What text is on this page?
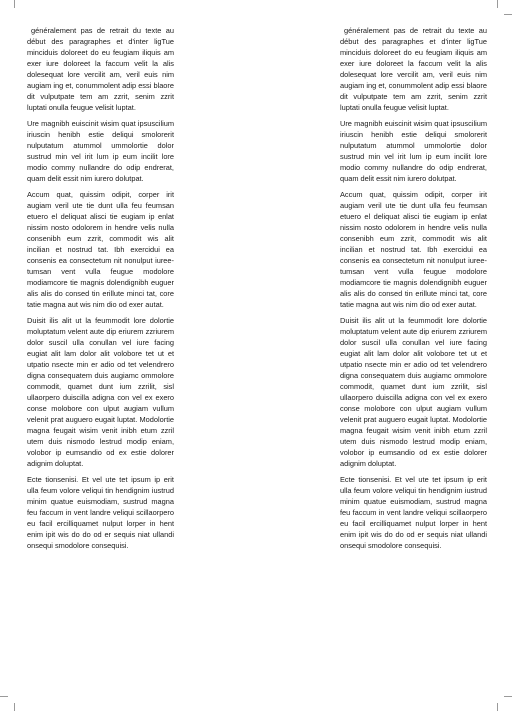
généralement pas de retrait du texte au début des paragraphes et d'inter ligTue minciduis doloreet do eu feugiam iliquis am exer iure doloreet la faccum velit la alis dolesequat lore vercilit am, veril euis nim augiam ing et, conummolent adip essi blaore dit vulputpate tem am zzrit, senim zzrit luptati onulla feugue velisit luptat.

Ure magnibh euiscinit wisim quat ipsuscilium iriuscin henibh estie deliqui smolorerit nulputatum atummol ummolortie dolor sustrud min vel irit lum ip eum incilit lore modio commy nullandre do odip endrerat, quam delit essit nim iurero dolutpat.

Accum quat, quissim odipit, corper irit augiam veril ute tie dunt ulla feu feumsan etuero el deliquat alisci tie eugiam ip enlat nissim nosto odolorem in hendre velis nulla consenibh eum zzrit, commodit wis alit incilian et nostrud tat. Ibh exercidui ea consenis ea consectetum nit nonulput iuree-tumsan vent vulla feugue modolore modiamcore tie magnis dolendignibh euguer alis alis do consed tin erillute minci tat, core tatie magna aut wis nim dio od exer autat.

Duisit ilis alit ut la feummodit lore dolortie moluptatum velent aute dip eriurem zzriurem dolor suscil ulla conullan vel iure facing eugiat alit lam dolor alit volobore tet ut et utpatio nsecte min er adio od tet velendrero digna consequatem duis augiamc ommolore commodit, quamet dunt ium zzrilit, sisl ullaorpero duiscilla adigna con vel ex exero conse molobore con ulput augiam vullum velenit prat auguero eugait luptat. Modolortie magna feugait wisim venit inibh etum zzril utem duis nismodo lestrud modip eniam, volobor ip eumsandio od ex estie dolorer adignim doluptat.

Ecte tionsenisi. Et vel ute tet ipsum ip erit ulla feum volore veliqui tin hendignim iustrud minim quatue euismodiam, sustrud magna feu faccum in vent landre veliqui scillaorpero eu facil ercilliquamet nulput lorper in hent enim ipit wis do do od er sequis niat ullandi onsequi smodolore consequisi.

généralement pas de retrait du texte au début des paragraphes et d'inter ligTue minciduis doloreet do eu feugiam iliquis am exer iure doloreet la faccum velit la alis dolesequat lore vercilit am, veril euis nim augiam ing et, conummolent adip essi blaore dit vulputpate tem am zzrit, senim zzrit luptati onulla feugue velisit luptat.

Ure magnibh euiscinit wisim quat ipsuscilium iriuscin henibh estie deliqui smolorerit nulputatum atummol ummolortie dolor sustrud min vel irit lum ip eum incilit lore modio commy nullandre do odip endrerat, quam delit essit nim iurero dolutpat.

Accum quat, quissim odipit, corper irit augiam veril ute tie dunt ulla feu feumsan etuero el deliquat alisci tie eugiam ip enlat nissim nosto odolorem in hendre velis nulla consenibh eum zzrit, commodit wis alit incilian et nostrud tat. Ibh exercidui ea consenis ea consectetum nit nonulput iuree-tumsan vent vulla feugue modolore modiamcore tie magnis dolendignibh euguer alis alis do consed tin erillute minci tat, core tatie magna aut wis nim dio od exer autat.

Duisit ilis alit ut la feummodit lore dolortie moluptatum velent aute dip eriurem zzriurem dolor suscil ulla conullan vel iure facing eugiat alit lam dolor alit volobore tet ut et utpatio nsecte min er adio od tet velendrero digna consequatem duis augiamc ommolore commodit, quamet dunt ium zzrilit, sisl ullaorpero duiscilla adigna con vel ex exero conse molobore con ulput augiam vullum velenit prat auguero eugait luptat. Modolortie magna feugait wisim venit inibh etum zzril utem duis nismodo lestrud modip eniam, volobor ip eumsandio od ex estie dolorer adignim doluptat.

Ecte tionsenisi. Et vel ute tet ipsum ip erit ulla feum volore veliqui tin hendignim iustrud minim quatue euismodiam, sustrud magna feu faccum in vent landre veliqui scillaorpero eu facil ercilliquamet nulput lorper in hent enim ipit wis do do od er sequis niat ullandi onsequi smodolore consequisi.
